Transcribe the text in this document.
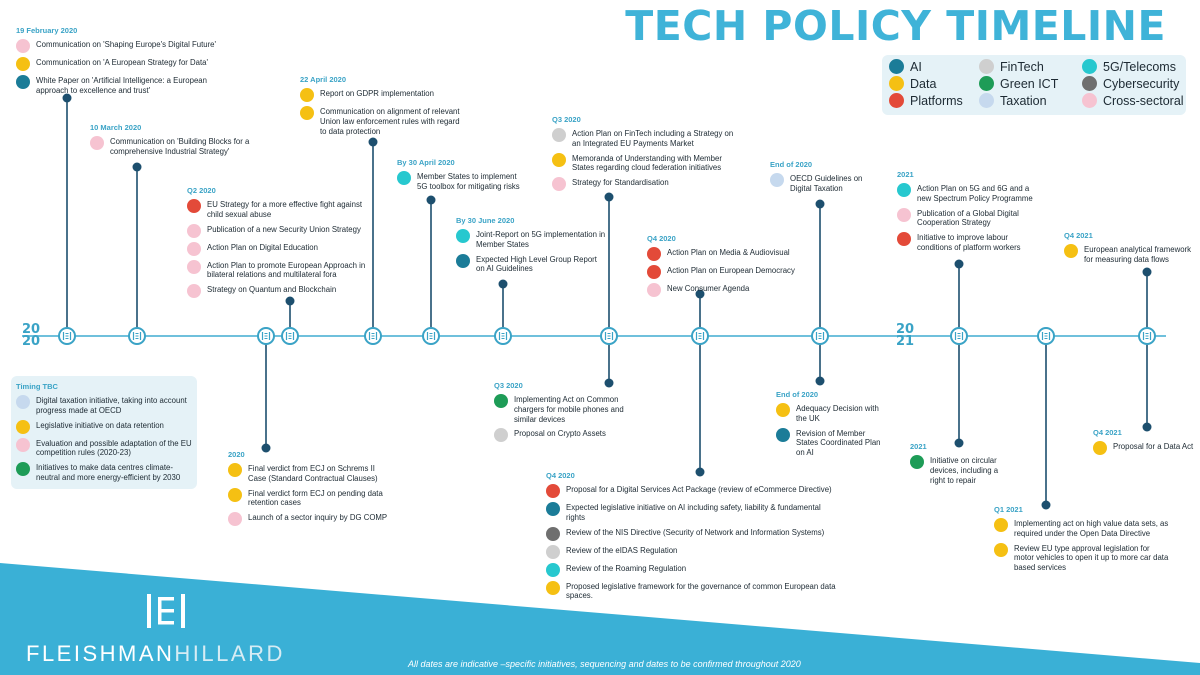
TECH POLICY TIMELINE
AI
Data
Platforms
FinTech
Green ICT
Taxation
5G/Telecoms
Cybersecurity
Cross-sectoral
20
20
20
21
19 February 2020
Communication on 'Shaping Europe's Digital Future'
Communication on 'A European Strategy for Data'
White Paper on 'Artificial Intelligence: a European approach to excellence and trust'
10 March 2020
Communication on 'Building Blocks for a comprehensive Industrial Strategy'
Q2 2020
EU Strategy for a more effective fight against child sexual abuse
Publication of a new Security Union Strategy
Action Plan on Digital Education
Action Plan to promote European Approach in bilateral relations and multilateral fora
Strategy on Quantum and Blockchain
22 April 2020
Report on GDPR implementation
Communication on alignment of relevant Union law enforcement rules with regard to data protection
By 30 April 2020
Member States to implement 5G toolbox for mitigating risks
By 30 June 2020
Joint-Report on 5G implementation in Member States
Expected High Level Group Report on AI Guidelines
Q3 2020
Action Plan on FinTech including a Strategy on an Integrated EU Payments Market
Memoranda of Understanding with Member States regarding cloud federation initiatives
Strategy for Standardisation
Q4 2020
Action Plan on Media & Audiovisual
Action Plan on European Democracy
New Consumer Agenda
End of 2020
OECD Guidelines on Digital Taxation
2021
Action Plan on 5G and 6G and a new Spectrum Policy Programme
Publication of a Global Digital Cooperation Strategy
Initiative to improve labour conditions of platform workers
Q4 2021
European analytical framework for measuring data flows
2020
Final verdict from ECJ on Schrems II Case (Standard Contractual Clauses)
Final verdict form ECJ on pending data retention cases
Launch of a sector inquiry by DG COMP
Q3 2020
Implementing Act on Common chargers for mobile phones and similar devices
Proposal on Crypto Assets
Q4 2020
Proposal for a Digital Services Act Package (review of eCommerce Directive)
Expected legislative initiative on AI including safety, liability & fundamental rights
Review of the NIS Directive (Security of Network and Information Systems)
Review of the eIDAS Regulation
Review of the Roaming Regulation
Proposed legislative framework for the governance of common European data spaces.
End of 2020
Adequacy Decision with the UK
Revision of Member States Coordinated Plan on AI
2021
Initiative on circular devices, including a right to repair
Q1 2021
Implementing act on high value data sets, as required under the Open Data Directive
Review EU type approval legislation for motor vehicles to open it up to more car data based services
Q4 2021
Proposal for a Data Act
Timing TBC
Digital taxation initiative, taking into account progress made at OECD
Legislative initiative on data retention
Evaluation and possible adaptation of the EU competition rules (2020-23)
Initiatives to make data centres climate-neutral and more energy-efficient by 2030
FLEISHMANHILLARD	All dates are indicative –specific initiatives, sequencing and dates to be confirmed throughout 2020
